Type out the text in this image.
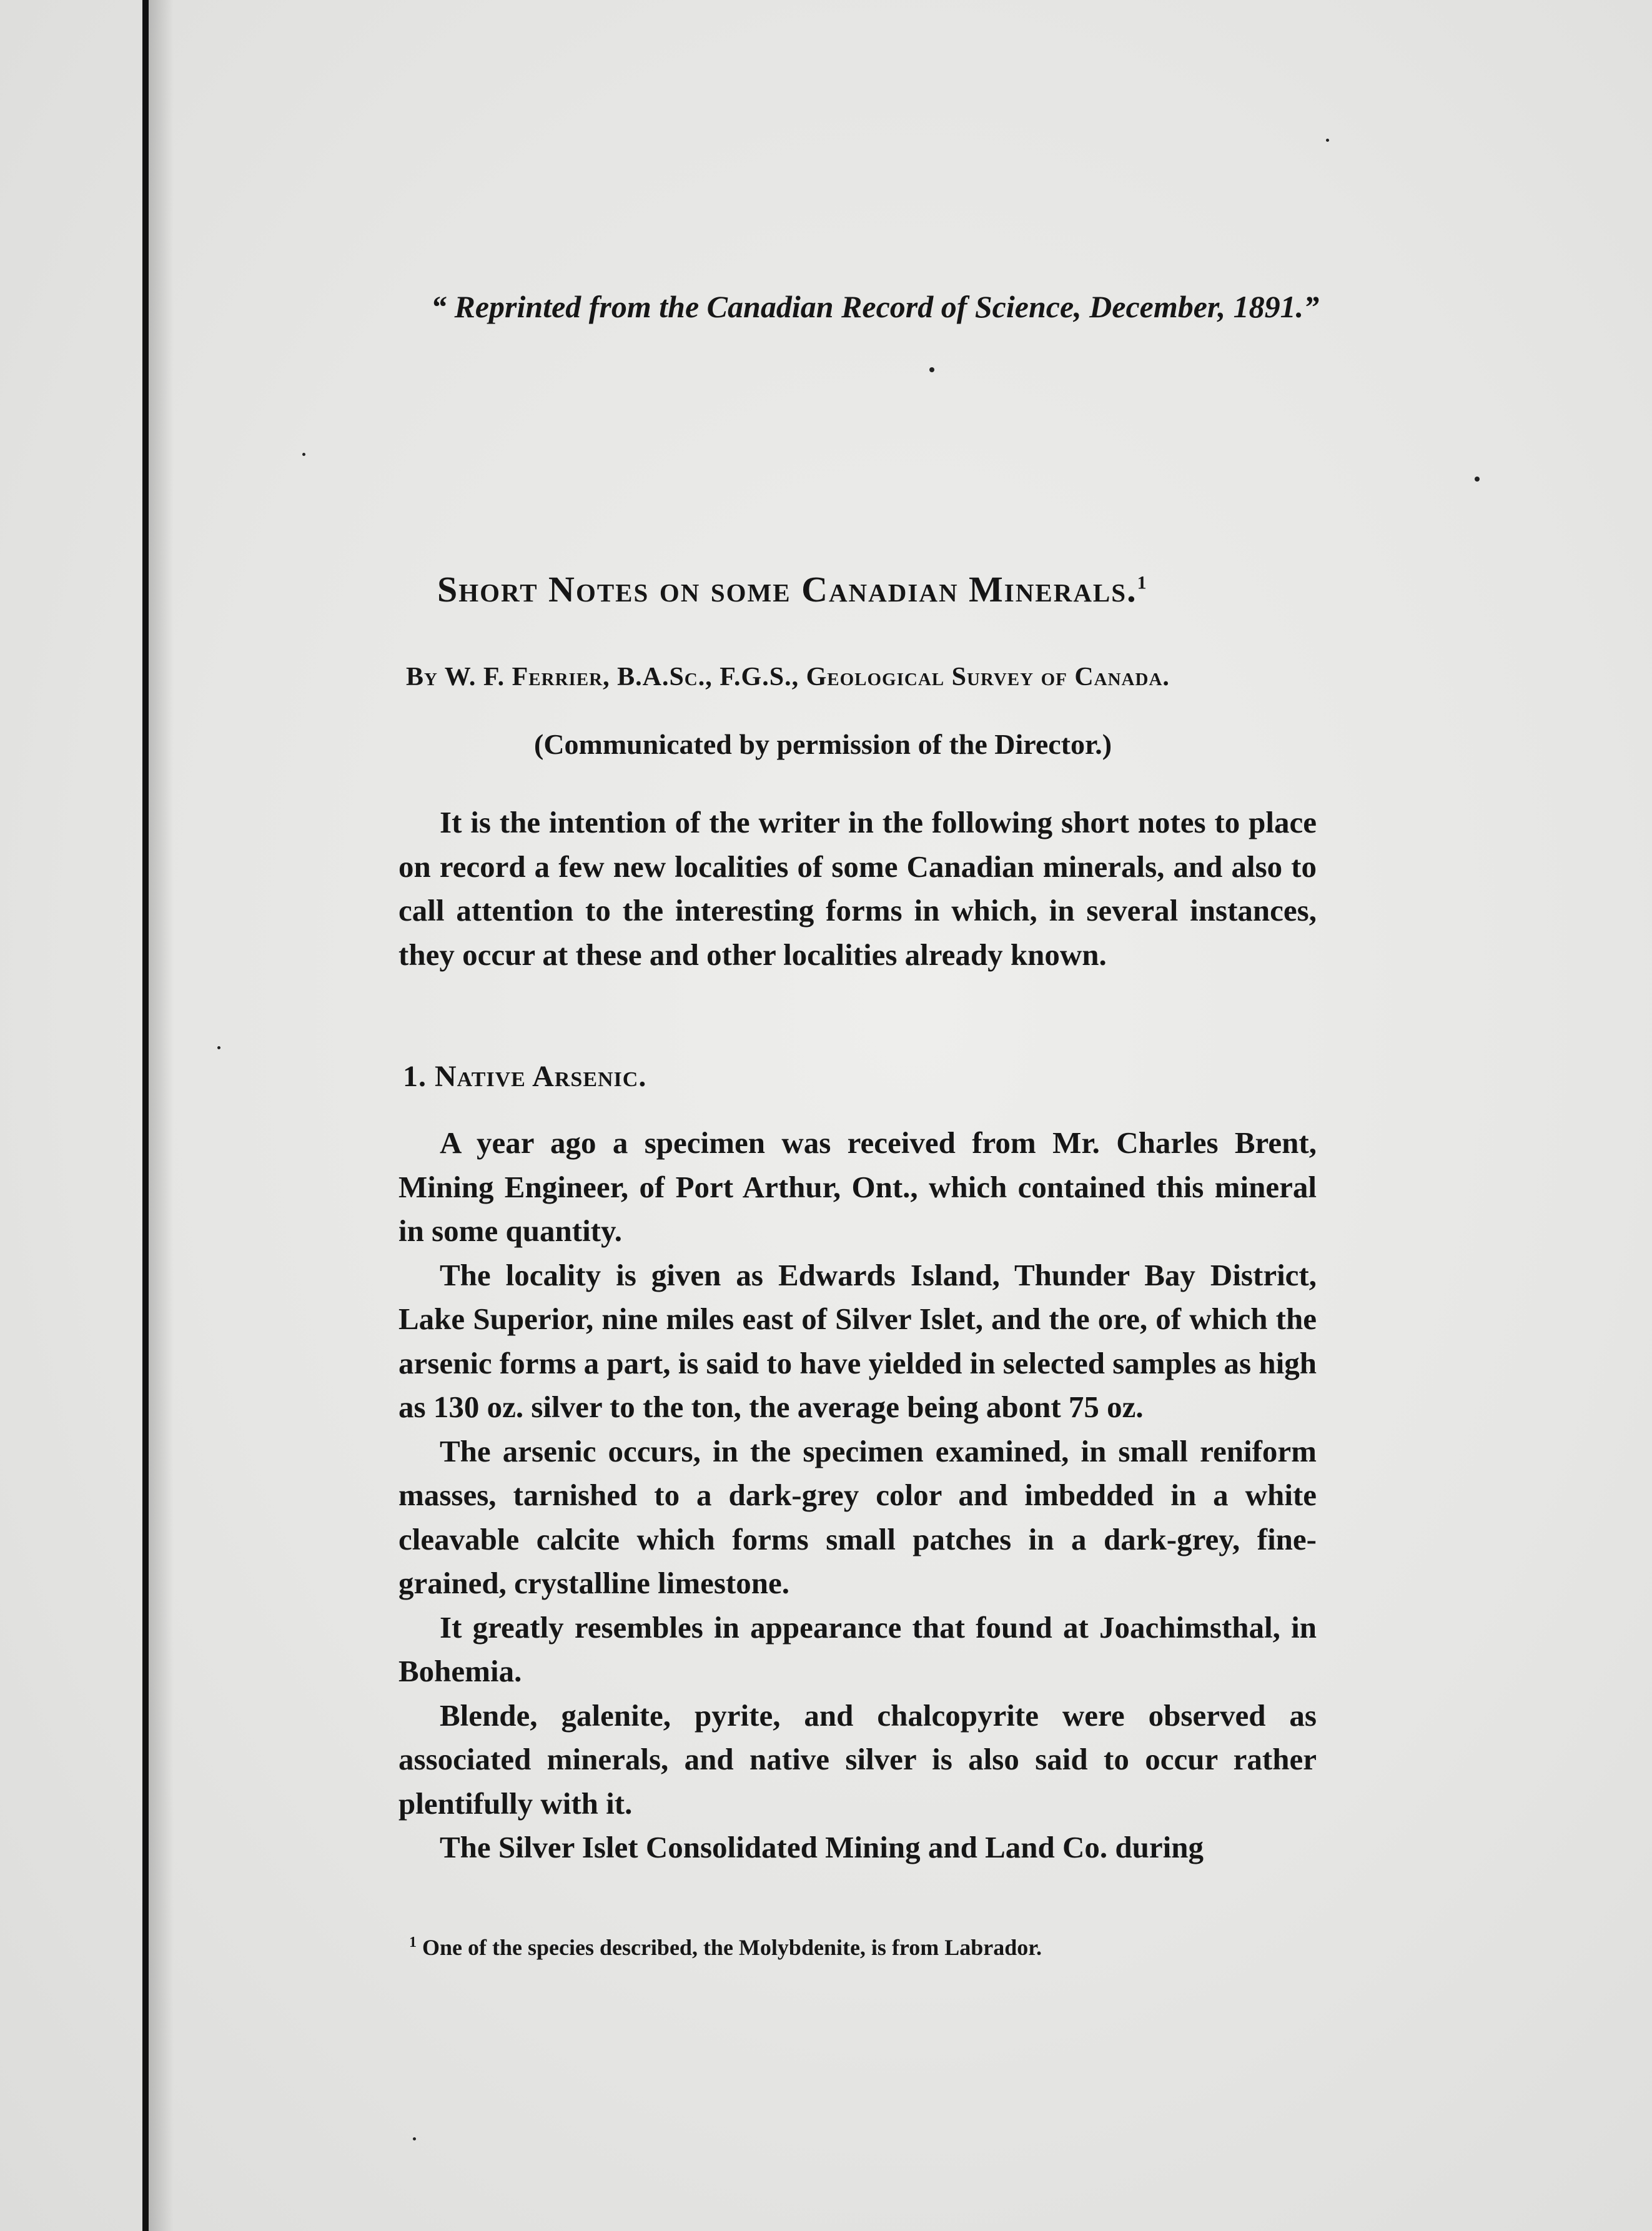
“ Reprinted from the Canadian Record of Science, December, 1891.”
Short Notes on some Canadian Minerals.$^1$
By W. F. Ferrier, B.A.Sc., F.G.S., Geological Survey of Canada.
(Communicated by permission of the Director.)

It is the intention of the writer in the following short notes to place on record a few new localities of some Canadian minerals, and also to call attention to the interesting forms in which, in several instances, they occur at these and other localities already known.

1. Native Arsenic.

A year ago a specimen was received from Mr. Charles Brent, Mining Engineer, of Port Arthur, Ont., which contained this mineral in some quantity.

The locality is given as Edwards Island, Thunder Bay District, Lake Superior, nine miles east of Silver Islet, and the ore, of which the arsenic forms a part, is said to have yielded in selected samples as high as 130 oz. silver to the ton, the average being abont 75 oz.

The arsenic occurs, in the specimen examined, in small reniform masses, tarnished to a dark-grey color and imbedded in a white cleavable calcite which forms small patches in a dark-grey, fine-grained, crystalline limestone.

It greatly resembles in appearance that found at Joachimsthal, in Bohemia.

Blende, galenite, pyrite, and chalcopyrite were observed as associated minerals, and native silver is also said to occur rather plentifully with it.

The Silver Islet Consolidated Mining and Land Co. during

$^1$ One of the species described, the Molybdenite, is from Labrador.
